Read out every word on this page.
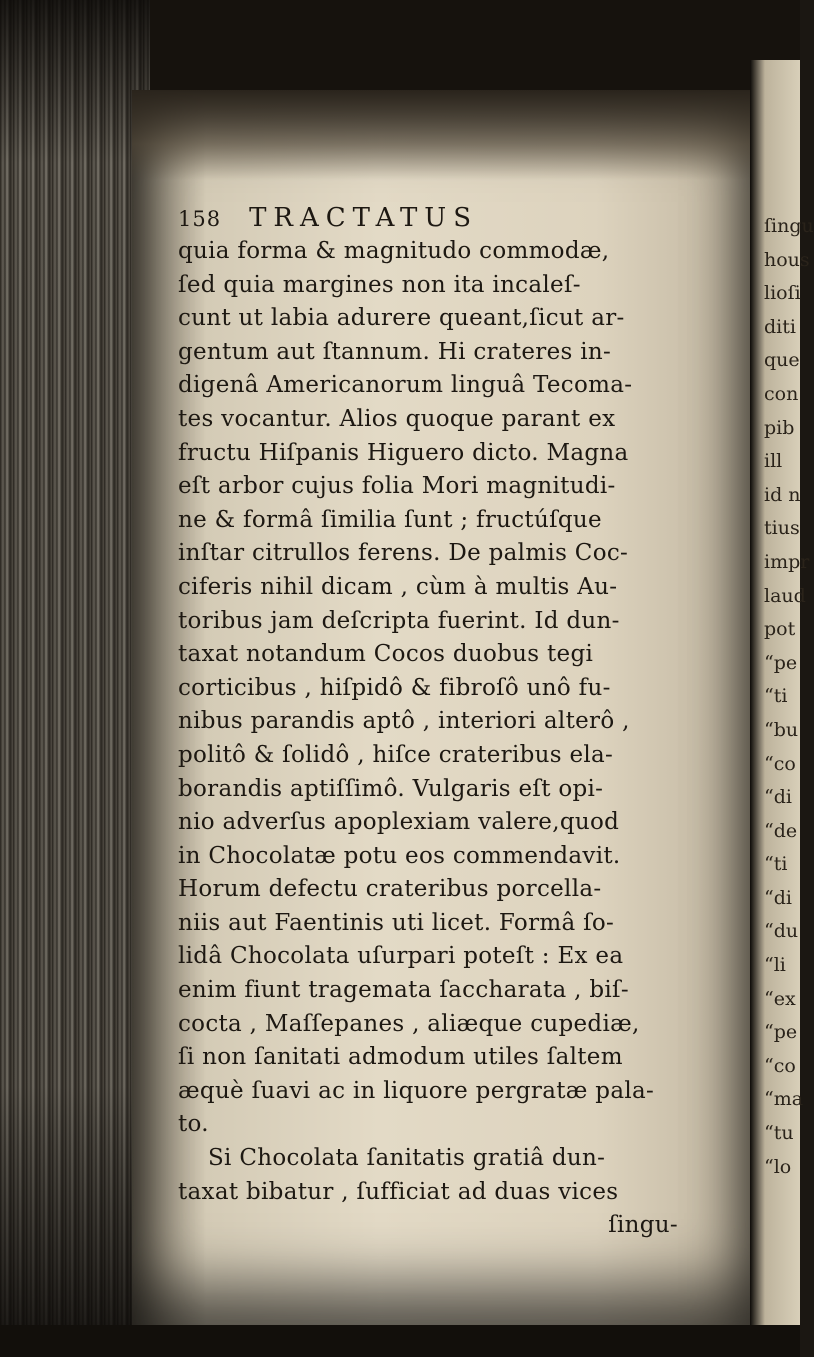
158 TRACTATUS
quia forma & magnitudo commodæ,
ſed quia margines non ita incaleſ-
cunt ut labia adurere queant,ſicut ar-
gentum aut ſtannum. Hi crateres in-
digenâ Americanorum linguâ Tecoma-
tes vocantur. Alios quoque parant ex
fructu Hiſpanis Higuero dicto. Magna
eſt arbor cujus folia Mori magnitudi-
ne & formâ ſimilia ſunt ; fructúſque
inſtar citrullos ferens. De palmis Coc-
ciferis nihil dicam , cùm à multis Au-
toribus jam deſcripta fuerint. Id dun-
taxat notandum Cocos duobus tegi
corticibus , hiſpidô & fibroſô unô fu-
nibus parandis aptô , interiori alterô ,
politô & ſolidô , hiſce crateribus ela-
borandis aptiſſimô. Vulgaris eſt opi-
nio adverſus apoplexiam valere,quod
in Chocolatæ potu eos commendavit.
Horum defectu crateribus porcella-
niis aut Faentinis uti licet. Formâ ſo-
lidâ Chocolata uſurpari poteſt : Ex ea
enim fiunt tragemata ſaccharata , biſ-
cocta , Maſſepanes , aliæque cupediæ,
ſi non ſanitati admodum utiles ſaltem
æquè ſuavi ac in liquore pergratæ pala-
to.
Si Chocolata ſanitatis gratiâ dun-
taxat bibatur , ſufficiat ad duas vices
ſingu-
ſingu
hous
lioſi
diti
que
con
pib
ill
id n
tius
impr
laud
pot
“pe
“ti
“bu
“co
“di
“de
“ti
“di
“du
“li
“ex
“pe
“co
“ma
“tu
“lo
